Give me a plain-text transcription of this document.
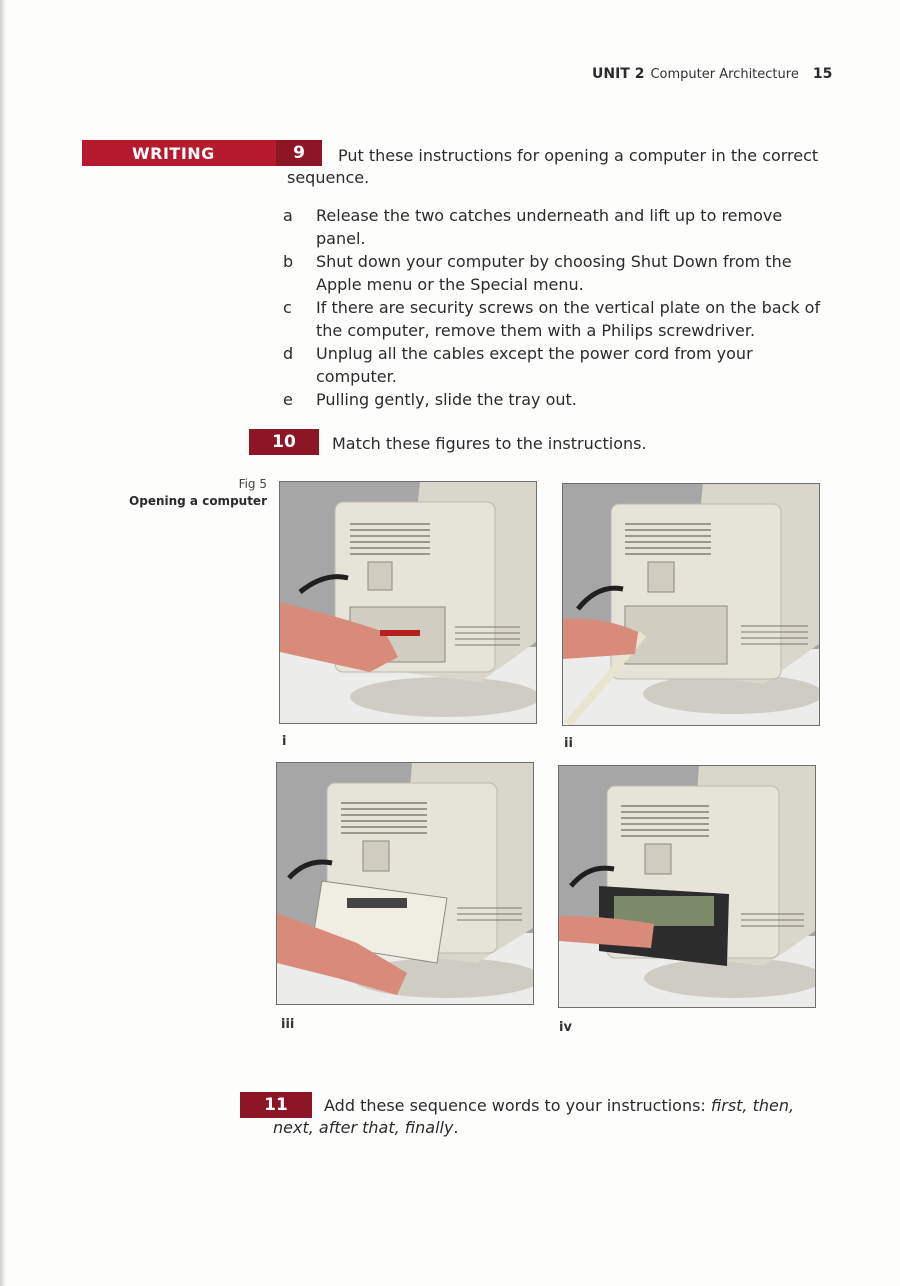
UNIT 2 Computer Architecture 15
WRITING	9	Put these instructions for opening a computer in the correct sequence.
a	Release the two catches underneath and lift up to remove panel.
b	Shut down your computer by choosing Shut Down from the Apple menu or the Special menu.
c	If there are security screws on the vertical plate on the back of the computer, remove them with a Philips screwdriver.
d	Unplug all the cables except the power cord from your computer.
e	Pulling gently, slide the tray out.
10	Match these figures to the instructions.
Fig 5
Opening a computer
i	ii
iii	iv
11	Add these sequence words to your instructions: first, then, next, after that, finally.
